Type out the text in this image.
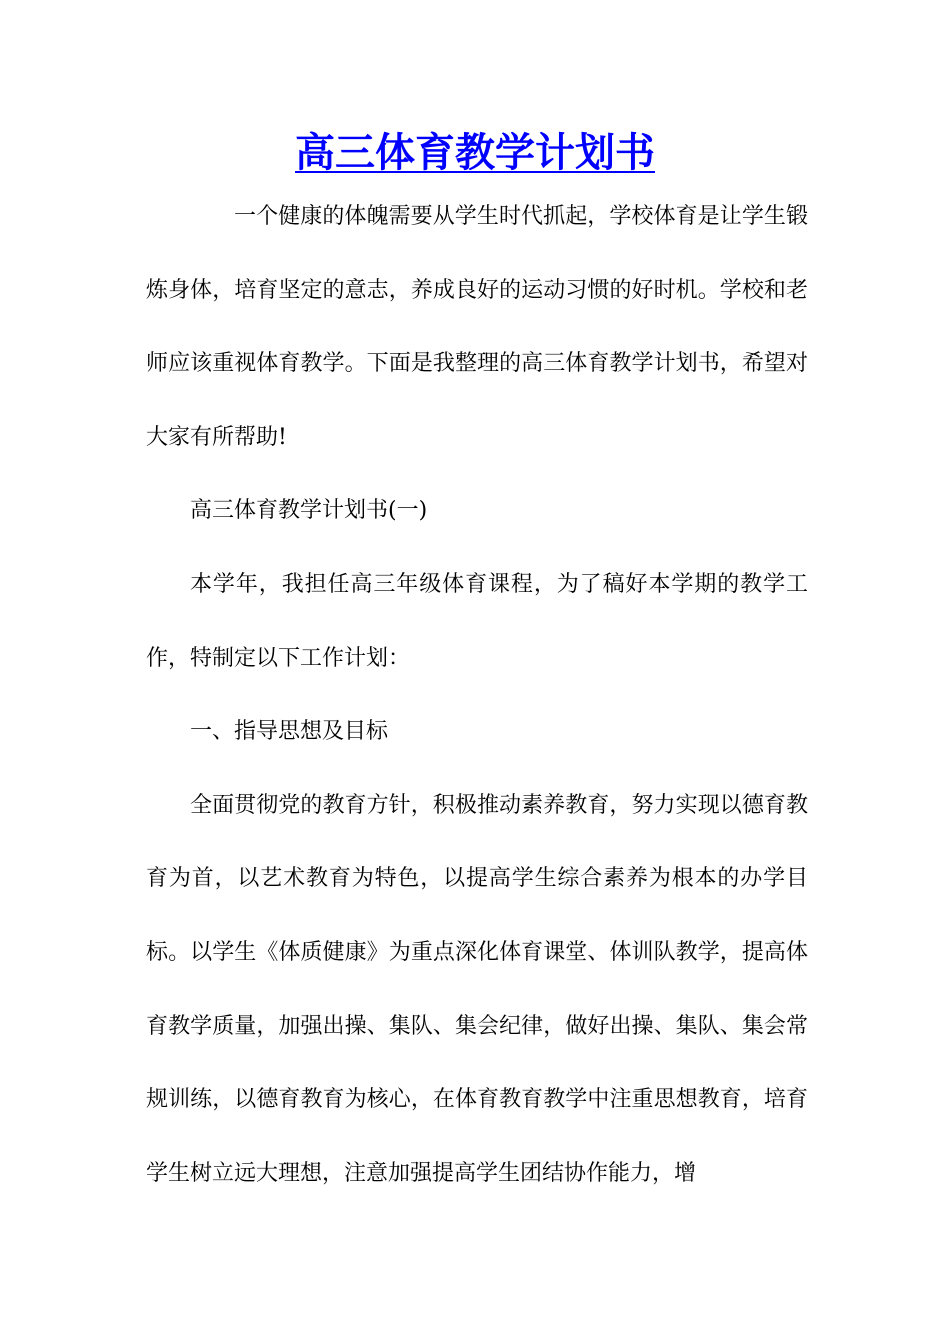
高三体育教学计划书

一个健康的体魄需要从学生时代抓起，学校体育是让学生锻炼身体，培育坚定的意志，养成良好的运动习惯的好时机。学校和老师应该重视体育教学。下面是我整理的高三体育教学计划书，希望对大家有所帮助!

高三体育教学计划书(一)

本学年，我担任高三年级体育课程，为了稿好本学期的教学工作，特制定以下工作计划：

一、指导思想及目标

全面贯彻党的教育方针，积极推动素养教育，努力实现以德育教育为首，以艺术教育为特色，以提高学生综合素养为根本的办学目标。以学生《体质健康》为重点深化体育课堂、体训队教学，提高体育教学质量，加强出操、集队、集会纪律，做好出操、集队、集会常规训练，以德育教育为核心，在体育教育教学中注重思想教育，培育学生树立远大理想，注意加强提高学生团结协作能力，增
